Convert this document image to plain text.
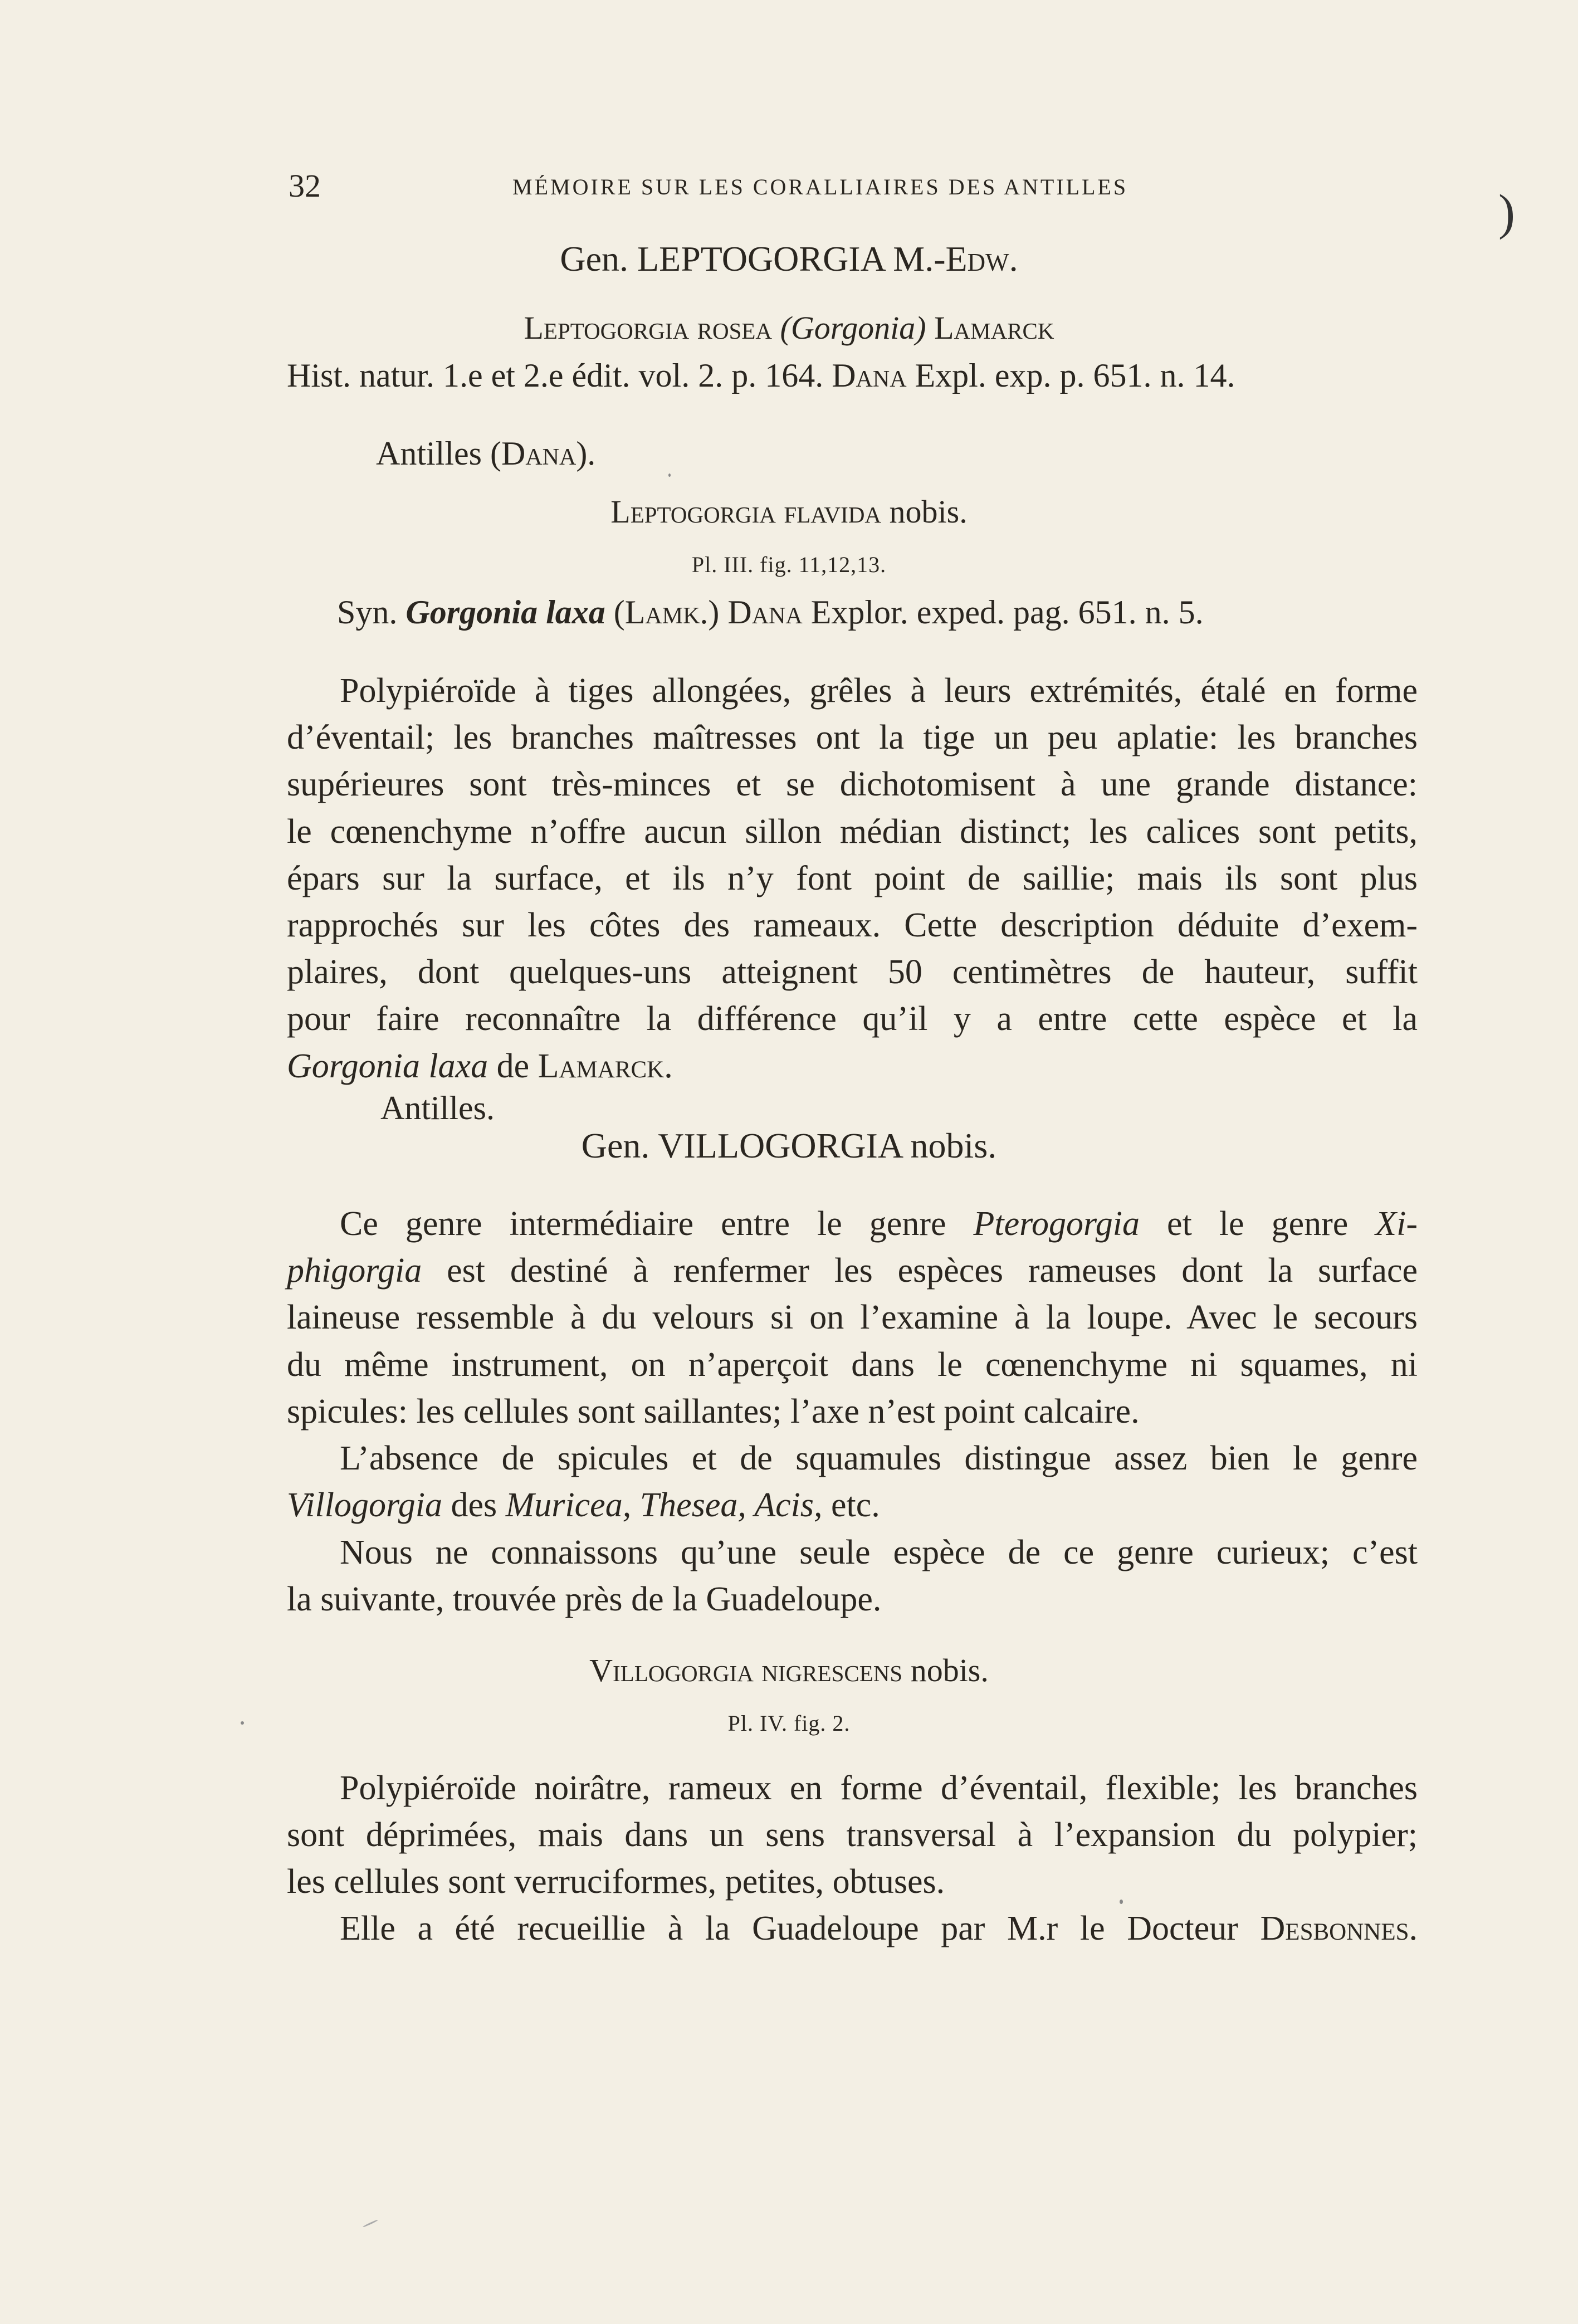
32	MÉMOIRE SUR LES CORALLIAIRES DES ANTILLES	)
Gen. LEPTOGORGIA M.-Edw.
Leptogorgia rosea (Gorgonia) Lamarck
Hist. natur. 1.e et 2.e édit. vol. 2. p. 164. Dana Expl. exp. p. 651. n. 14.
Antilles (Dana).
Leptogorgia flavida nobis.
Pl. III. fig. 11,12,13.
Syn. Gorgonia laxa (Lamk.) Dana Explor. exped. pag. 651. n. 5.
Polypiéroïde à tiges allongées, grêles à leurs extrémités, étalé en forme
d’éventail; les branches maîtresses ont la tige un peu aplatie: les branches
supérieures sont très-minces et se dichotomisent à une grande distance:
le cœnenchyme n’offre aucun sillon médian distinct; les calices sont petits,
épars sur la surface, et ils n’y font point de saillie; mais ils sont plus
rapprochés sur les côtes des rameaux. Cette description déduite d’exem-
plaires, dont quelques-uns atteignent 50 centimètres de hauteur, suffit
pour faire reconnaître la différence qu’il y a entre cette espèce et la
Gorgonia laxa de Lamarck.
Antilles.
Gen. VILLOGORGIA nobis.
Ce genre intermédiaire entre le genre Pterogorgia et le genre Xi-
phigorgia est destiné à renfermer les espèces rameuses dont la surface
laineuse ressemble à du velours si on l’examine à la loupe. Avec le secours
du même instrument, on n’aperçoit dans le cœnenchyme ni squames, ni
spicules: les cellules sont saillantes; l’axe n’est point calcaire.
L’absence de spicules et de squamules distingue assez bien le genre
Villogorgia des Muricea, Thesea, Acis, etc.
Nous ne connaissons qu’une seule espèce de ce genre curieux; c’est
la suivante, trouvée près de la Guadeloupe.
Villogorgia nigrescens nobis.
Pl. IV. fig. 2.
Polypiéroïde noirâtre, rameux en forme d’éventail, flexible; les branches
sont déprimées, mais dans un sens transversal à l’expansion du polypier;
les cellules sont verruciformes, petites, obtuses.
Elle a été recueillie à la Guadeloupe par M.r le Docteur Desbonnes.
